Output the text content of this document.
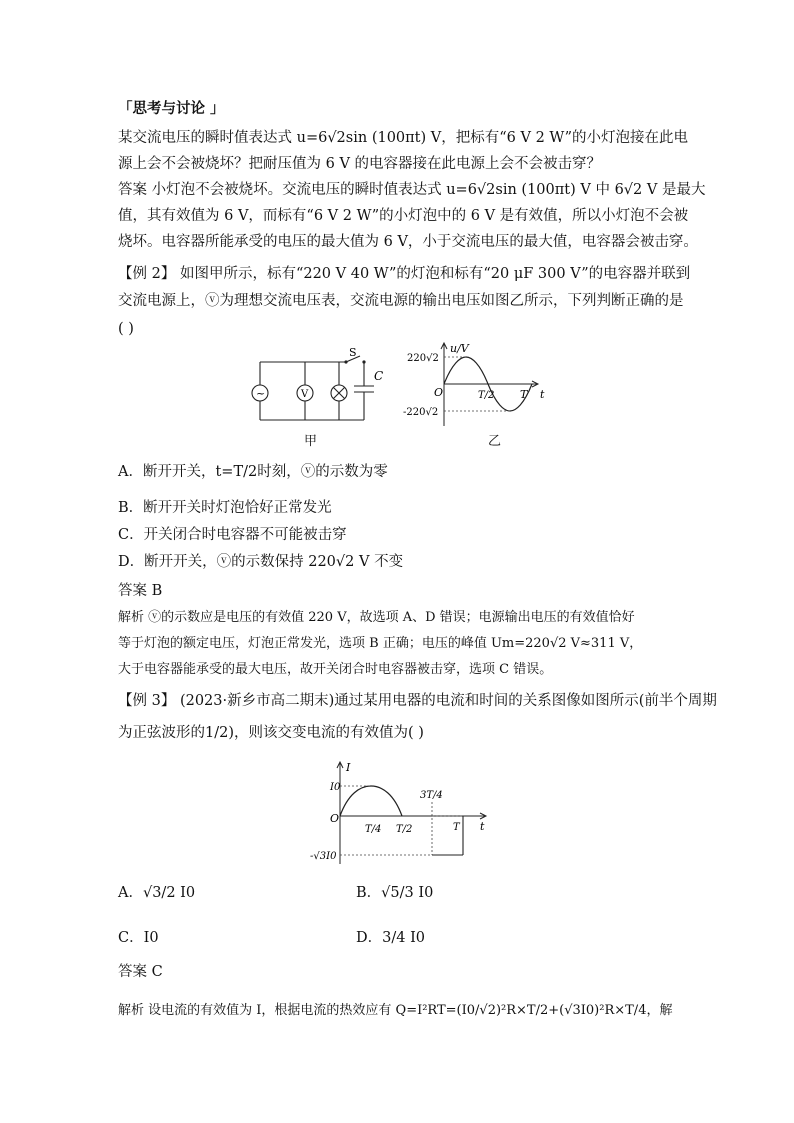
「思考与讨论 」
某交流电压的瞬时值表达式 u=6√2sin (100πt) V，把标有“6 V 2 W”的小灯泡接在此电
源上会不会被烧坏？把耐压值为 6 V 的电容器接在此电源上会不会被击穿？
答案 小灯泡不会被烧坏。交流电压的瞬时值表达式 u=6√2sin (100πt) V 中 6√2 V 是最大
值，其有效值为 6 V，而标有“6 V 2 W”的小灯泡中的 6 V 是有效值，所以小灯泡不会被
烧坏。电容器所能承受的电压的最大值为 6 V，小于交流电压的最大值，电容器会被击穿。
【例 2】 如图甲所示，标有“220 V 40 W”的灯泡和标有“20 μF 300 V”的电容器并联到
交流电源上，ⓥ为理想交流电压表，交流电源的输出电压如图乙所示，下列判断正确的是
( )
~	V
S
C
甲
u/V
220√2
-220√2
O	T/2 T t
乙
A．断开开关，t=T/2时刻，ⓥ的示数为零
B．断开开关时灯泡恰好正常发光
C．开关闭合时电容器不可能被击穿
D．断开开关，ⓥ的示数保持 220√2 V 不变
答案 B
解析 ⓥ的示数应是电压的有效值 220 V，故选项 A、D 错误；电源输出电压的有效值恰好
等于灯泡的额定电压，灯泡正常发光，选项 B 正确；电压的峰值 Um=220√2 V≈311 V，
大于电容器能承受的最大电压，故开关闭合时电容器被击穿，选项 C 错误。
【例 3】 (2023·新乡市高二期末)通过某用电器的电流和时间的关系图像如图所示(前半个周期
为正弦波形的1/2)，则该交变电流的有效值为( )
I
I0
-√3I0
O
T/4 T/2
3T/4
T t
A．√3/2 I0	B．√5/3 I0
C．I0	D．3/4 I0
答案 C
解析 设电流的有效值为 I，根据电流的热效应有 Q=I²RT=(I0/√2)²R×T/2+(√3I0)²R×T/4，解
